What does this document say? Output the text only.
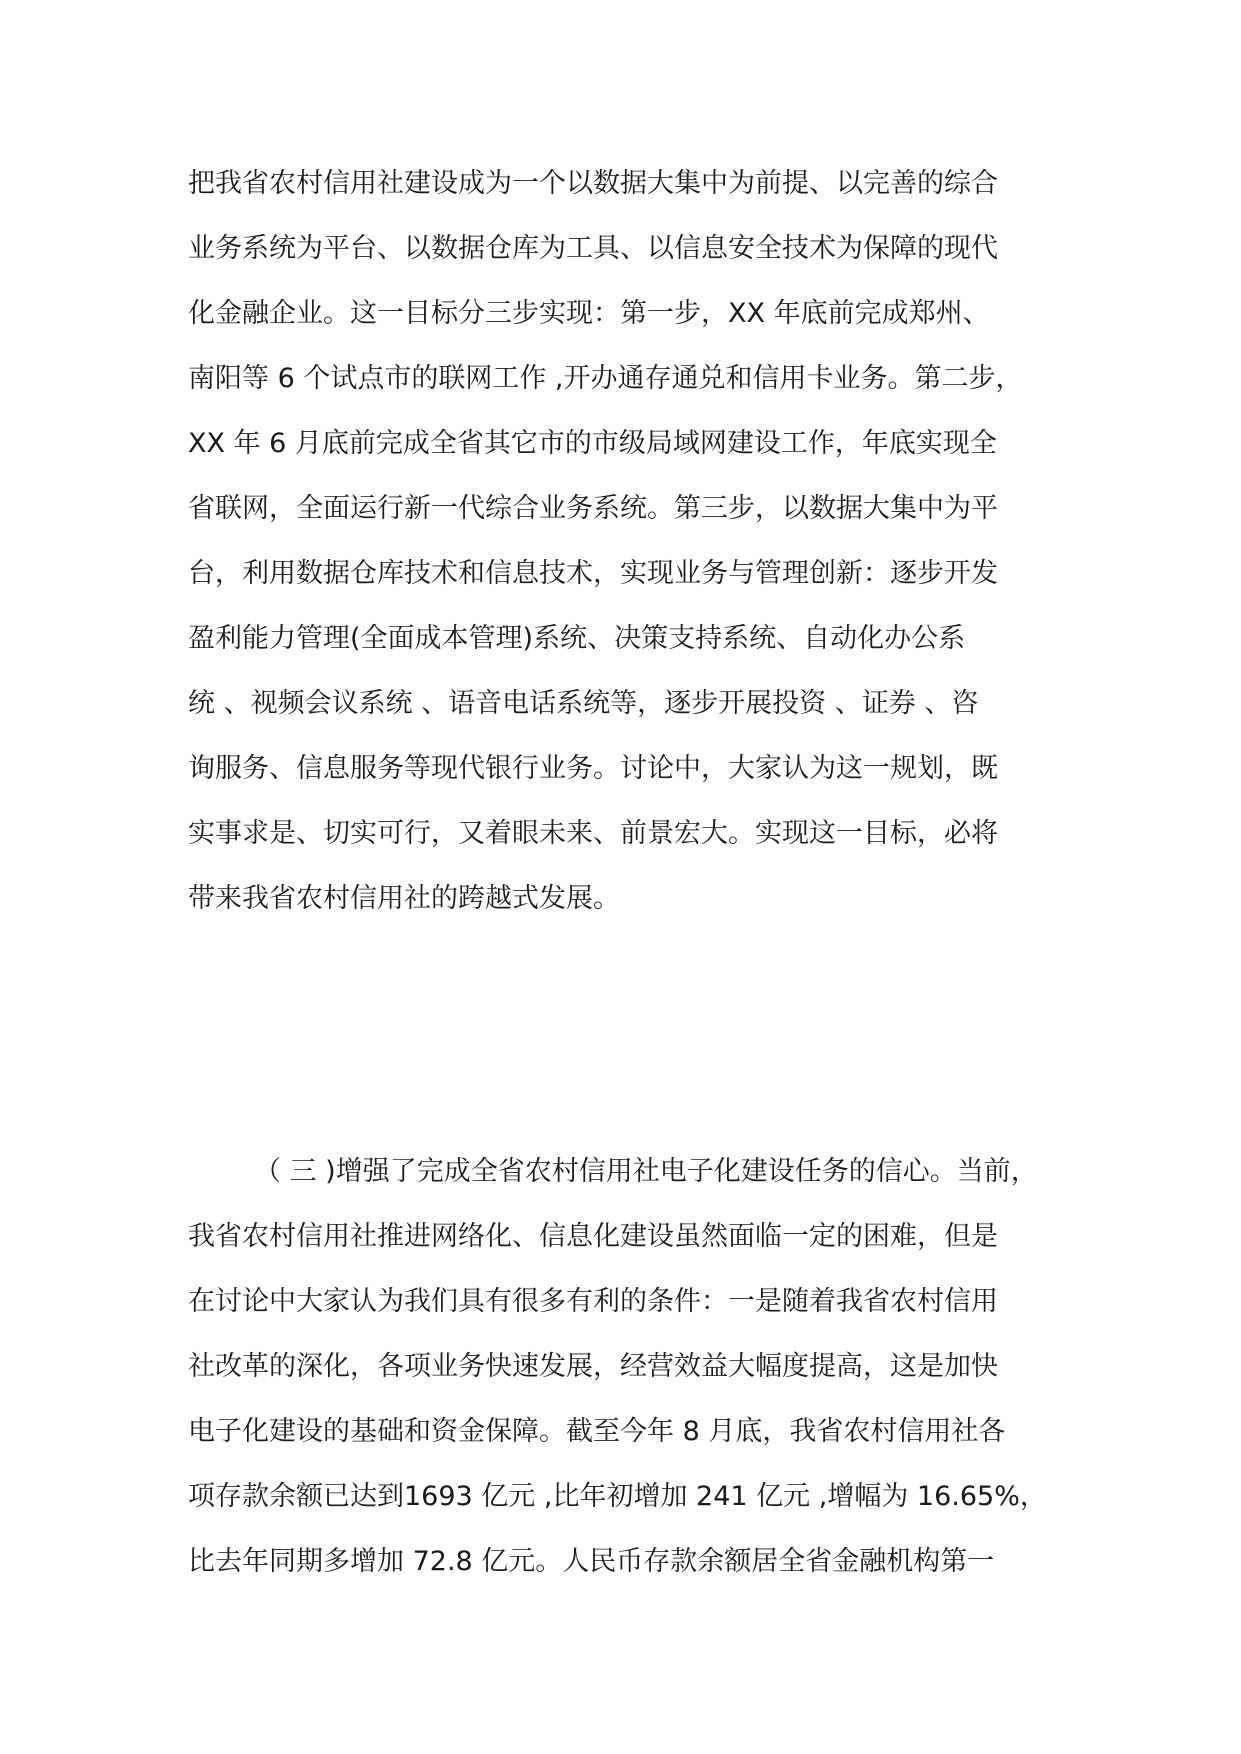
把我省农村信用社建设成为一个以数据大集中为前提、以完善的综合
业务系统为平台、以数据仓库为工具、以信息安全技术为保障的现代
化金融企业。这一目标分三步实现：第一步，XX 年底前完成郑州、
南阳等 6 个试点市的联网工作 ,开办通存通兑和信用卡业务。第二步，
XX 年 6 月底前完成全省其它市的市级局域网建设工作，年底实现全
省联网，全面运行新一代综合业务系统。第三步，以数据大集中为平
台，利用数据仓库技术和信息技术，实现业务与管理创新：逐步开发
盈利能力管理(全面成本管理)系统、决策支持系统、自动化办公系
统 、视频会议系统 、语音电话系统等，逐步开展投资 、证券 、咨
询服务、信息服务等现代银行业务。讨论中，大家认为这一规划，既
实事求是、切实可行，又着眼未来、前景宏大。实现这一目标，必将
带来我省农村信用社的跨越式发展。
（ 三 )增强了完成全省农村信用社电子化建设任务的信心。当前，
我省农村信用社推进网络化、信息化建设虽然面临一定的困难，但是
在讨论中大家认为我们具有很多有利的条件：一是随着我省农村信用
社改革的深化，各项业务快速发展，经营效益大幅度提高，这是加快
电子化建设的基础和资金保障。截至今年 8 月底，我省农村信用社各
项存款余额已达到1693 亿元 ,比年初增加 241 亿元 ,增幅为 16.65%，
比去年同期多增加 72.8 亿元。人民币存款余额居全省金融机构第一
